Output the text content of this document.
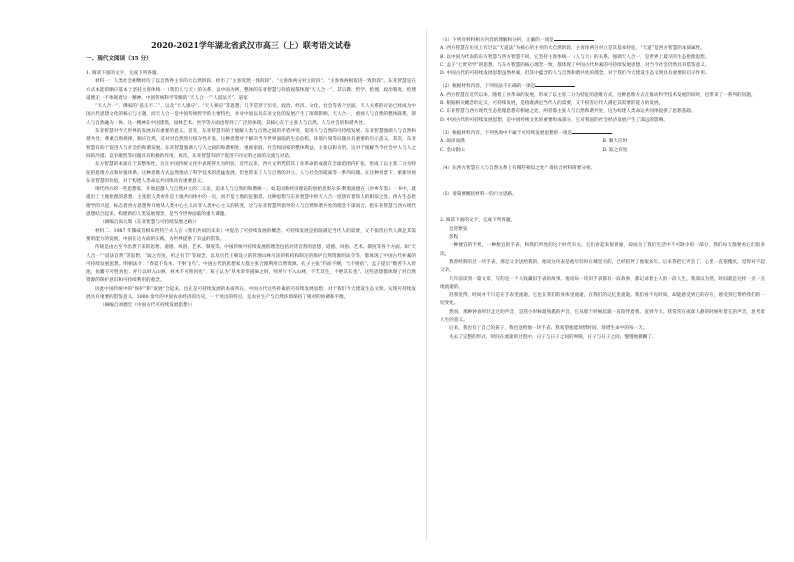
2020-2021学年湖北省武汉市高三（上）联考语文试卷
一、现代文阅读（35 分）

1. 阅读下面的文字，完成下列各题。

材料一：人类社会相继经历了以自然界主宰的大自然阶段，经历了“主客浑然一体阶段”、“主客体两分对立阶段”、“主客体两相促进一致阶段”。东亚智慧是在方式本能的顺应基本上坚持主客体统一（我们人与天）的关系，以中国为例，整体的东亚智慧与价值观都体现“天人合一”，其宗教、哲学、伦理、政治制度、伦理道德无一不体现着这一精神。中国传统科学等级的“天人合一”“人道法天”，道家

“天人合一”，佛家的“依正不二”，以及“天人感应”、“天人相应”等思想；几乎贯穿于历史、政治、经济、文化、社会等各个层面，天人关系的讨论已经成为中国古代思想文化的核心与主题，而天人合一是中国传统哲学的主要特色，并对中国以及东亚文化的发展产生了深刻影响。天人合一，重视人与自然的整体联系，即人与自然融为一体。这一精神在中国建筑、园林艺术、医学等方面也得到了广泛的体现。其核心在于主张人与自然、人与社会的和谐共处。

东亚智慧对今天世界的发展具有重要的意义。首先，东亚智慧有助于缓解人类与自然之间的矛盾冲突，促进人与自然的可持续发展。东亚智慧强调人与自然和谐共处，尊重自然规律，顺应自然，反对对自然进行掠夺性开发。这种思想对于解决当今世界面临的生态危机、环境污染等问题具有重要的启示意义。其次，东亚智慧有助于促进人与社会的和谐发展。东亚智慧强调人与人之间的和谐相处，重视家庭、社会和国家的整体利益，主张以和为贵。这对于缓解当今社会中人与人之间的冷漠、竞争激烈等问题具有积极的作用。再次，东亚智慧有助于促进不同文明之间的交流与对话。

东方智慧的本质在于其整体性，这在中国传统文化中表现得尤为明显。近代以来，西方文明凭借其工业革命的成就在全球范围内扩张，形成了以主客二分为特征的思维方式和价值体系。这种思维方式虽然推动了科学技术的迅猛发展，但也带来了人与自然的对立、人与社会的疏离等一系列问题。在这种背景下，重新审视东亚智慧的价值，对于构建人类命运共同体具有重要意义。

现代西方的一些思想家，开始超越人与自然对立的二元论，追求人与自然的和谐统一。如美国新经济理论的创始者奥尔多·利奥波德在《沙乡年鉴》一书中，就提出了土地伦理的思想，主张把人类看作是土地共同体中的一员，而不是土地的征服者。这种思想与东亚智慧中的天人合一思想有着惊人的相似之处。西方生态伦理学的兴起，标志着西方思想界开始从人类中心主义向非人类中心主义的转变，这与东亚智慧所倡导的人与自然和谐共处的理念不谋而合。把东亚智慧与西方现代思想结合起来，构建新的人类发展理念，是当今世界面临的重大课题。

（摘编自尚元瑞《东亚智慧与可持续发展之路》）

材料二：1987 年挪威首相布伦特兰夫人在《我们共同的未来》中提出了可持续发展的概念。可持续发展是指既满足当代人的需要，又不损害后代人满足其需要的能力的发展。中国在这方面的实践，为世界提供了有益的借鉴。

传统是由古至今沿袭下来的思想、道德、风俗、艺术、制度等。中国传统可持续发展的理念包括对待自然的思想、道德、风俗、艺术、制度等各个方面。如“天人合一”“道法自然”等思想，“取之有度，用之有节”等观念，以及历代王朝设立的管理山林川泽的机构和制定的保护自然资源的法令等，都体现了中国古代朴素的可持续发展思想。明朝法令：“春夏不伐木，不射飞鸟”。中国古代的思想家大都主张合理利用自然资源。孔子主张“钓而不纲，弋不射宿”，孟子提出“数罟不入洿池，鱼鳖不可胜食也；斧斤以时入山林，材木不可胜用也”，荀子认为“草木荣华滋硕之时，则斧斤不入山林，不夭其生，不绝其长也”。这些思想都体现了对自然资源的保护意识和可持续利用的观念。

因此中国传统中的“保护”和“发展”合起来，也正是可持续发展的本质所在。中国古代这些朴素的可持续发展思想，对于我们今天建设生态文明、实现可持续发展具有重要的借鉴意义。3000 余年的中国农业经济的历史，一个突出的特点，是农业生产与自然环境保持了相对的协调和平衡。

（摘编自刘德宏《中国古代可持续发展思想》）

（1）下列对材料相关内容的理解和分析，正确的一项是

A. 西方智慧在历史上有过以“天道法”为核心的主宰的大自然阶段，主客体两分对立是其基本特征，“天道”是西方智慧的本质属性。

B. 以中国为代表的东方智慧与西方智慧不同，它坚持主客体统一（人与天）的关系，强调天人合一，是世界上最早的生态伦理思想。

C. 孟子“七贤劝学”的思想，与东方智慧的核心理念一致，都体现了中国古代朴素的可持续发展思想，对当今社会仍然具有借鉴意义。

D. 中国古代的可持续发展思想虽然朴素，但其中蕴含的人与自然和谐共处的理念，对于我们今天建设生态文明具有重要的启示作用。

（2）根据材料内容，下列说法不正确的一项是

A. 西方智慧在近代以来，随着工业革命的发展，形成了以主客二分为特征的思维方式，这种思维方式在推动科学技术发展的同时，也带来了一系列的问题。

B. 根据相关概念的定义，可持续发展，是指既满足当代人的需要，又不损害后代人满足其需要的能力的发展。

C. 东亚智慧与西方现代生态伦理思想有相通之处，两者都主张人与自然和谐共处，这为构建人类命运共同体提供了思想基础。

D. 中国古代的可持续发展思想，是中国传统文化的重要组成部分，它对我国的社会经济发展产生了深远的影响。

（3）根据材料内容，下列各项中不属于可持续发展思想的一项是

A. 竭泽而渔	B. 顺天应时
C. 金山银山	D. 取之有度

（4）东西方智慧在人与自然关系上有哪些相似之处？请结合材料简要分析。

（5）请简要概括材料一的行文思路。

2. 阅读下面的文字，完成下列各题。

急管繁弦

彭程

一种便宜的手机，一种便宜的手表，和我们所处的这个时代有关。它们看起来很普通，却成为了我们生活中不可缺少的一部分，我们每天都要看它们很多次。

我曾经拥有过一块手表，那是父亲送给我的，他说这块表是他年轻时在城里买的，已经陪伴了他很多年。后来我把它弄丢了，心里一直很愧疚，觉得对不起父亲。

几年前读到一篇文章，写的是一个人收藏旧手表的故事。他说每一块旧手表都有一段故事，都记录着主人的一段人生。我深以为然，时间就是这样一点一点地流逝的。

但我觉得，时间并不只是在手表里流逝，它也在我们的身体里流逝，在我们的记忆里流逝。我们看不见时间，却能感受到它的存在，感受到它带给我们的一切变化。

然而，那种钟表时针走过的声音，是我小时候最熟悉的声音，它从那个时候起就一直陪伴着我，直到今天。我常常在夜深人静的时候听着它的声音，思考着人生的意义。

后来，我也有了自己的孩子，我也送给他一块手表。我希望他能珍惜时间，珍惜生命中的每一天。

失去了完整的形式，时间在流逝的过程中，日子与日子之间的界限，日子与日子之间，慢慢地模糊了。
